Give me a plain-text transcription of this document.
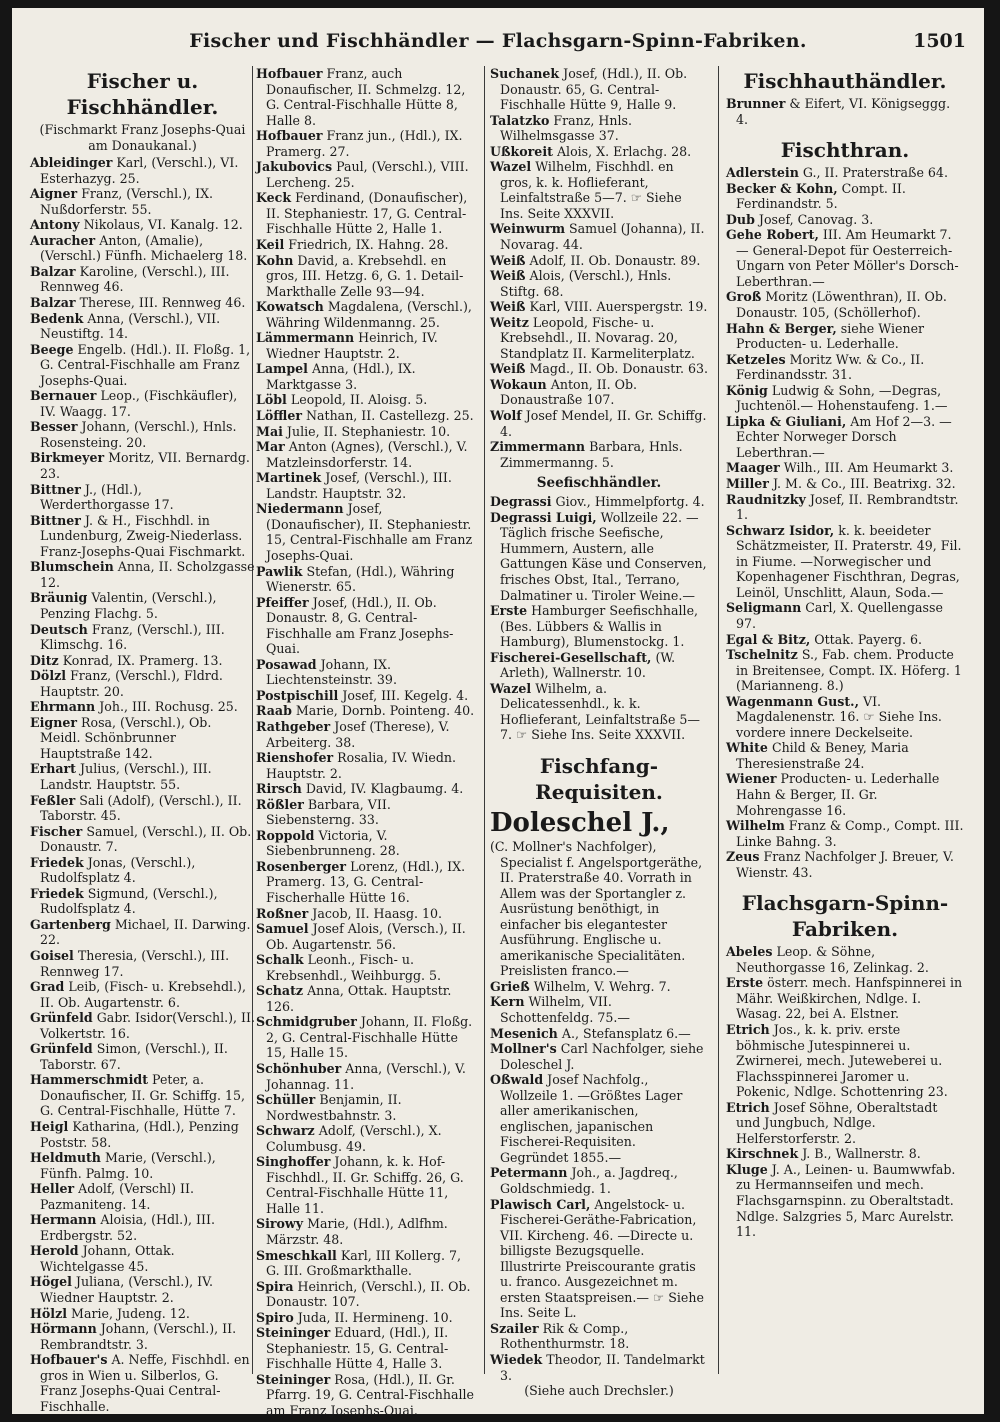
Fischer und Fischhändler — Flachsgarn-Spinn-Fabriken.	1501
Fischer u. Fischhändler.
(Fischmarkt Franz Josephs-Quai am Donaukanal.)
Ableidinger Karl, (Verschl.), VI. Esterhazyg. 25.
Aigner Franz, (Verschl.), IX. Nußdorferstr. 55.
Antony Nikolaus, VI. Kanalg. 12.
Auracher Anton, (Amalie), (Verschl.) Fünfh. Michaelerg 18.
Balzar Karoline, (Verschl.), III. Rennweg 46.
Balzar Therese, III. Rennweg 46.
Bedenk Anna, (Verschl.), VII. Neustiftg. 14.
Beege Engelb. (Hdl.). II. Floßg. 1, G. Central-Fischhalle am Franz Josephs-Quai.
Bernauer Leop., (Fischkäufler), IV. Waagg. 17.
Besser Johann, (Verschl.), Hnls. Rosensteing. 20.
Birkmeyer Moritz, VII. Bernardg. 23.
Bittner J., (Hdl.), Werderthorgasse 17.
Bittner J. & H., Fischhdl. in Lundenburg, Zweig-Niederlass. Franz-Josephs-Quai Fischmarkt.
Blumschein Anna, II. Scholzgasse 12.
Bräunig Valentin, (Verschl.), Penzing Flachg. 5.
Deutsch Franz, (Verschl.), III. Klimschg. 16.
Ditz Konrad, IX. Pramerg. 13.
Dölzl Franz, (Verschl.), Fldrd. Hauptstr. 20.
Ehrmann Joh., III. Rochusg. 25.
Eigner Rosa, (Verschl.), Ob. Meidl. Schönbrunner Hauptstraße 142.
Erhart Julius, (Verschl.), III. Landstr. Hauptstr. 55.
Feßler Sali (Adolf), (Verschl.), II. Taborstr. 45.
Fischer Samuel, (Verschl.), II. Ob. Donaustr. 7.
Friedek Jonas, (Verschl.), Rudolfsplatz 4.
Friedek Sigmund, (Verschl.), Rudolfsplatz 4.
Gartenberg Michael, II. Darwing. 22.
Goisel Theresia, (Verschl.), III. Rennweg 17.
Grad Leib, (Fisch- u. Krebsehdl.), II. Ob. Augartenstr. 6.
Grünfeld Gabr. Isidor(Verschl.), II. Volkertstr. 16.
Grünfeld Simon, (Verschl.), II. Taborstr. 67.
Hammerschmidt Peter, a. Donaufischer, II. Gr. Schiffg. 15, G. Central-Fischhalle, Hütte 7.
Heigl Katharina, (Hdl.), Penzing Poststr. 58.
Heldmuth Marie, (Verschl.), Fünfh. Palmg. 10.
Heller Adolf, (Verschl) II. Pazmaniteng. 14.
Hermann Aloisia, (Hdl.), III. Erdbergstr. 52.
Herold Johann, Ottak. Wichtelgasse 45.
Högel Juliana, (Verschl.), IV. Wiedner Hauptstr. 2.
Hölzl Marie, Judeng. 12.
Hörmann Johann, (Verschl.), II. Rembrandtstr. 3.
Hofbauer's A. Neffe, Fischhdl. en gros in Wien u. Silberlos, G. Franz Josephs-Quai Central-Fischhalle.
Hofbauer Franz, auch Donaufischer, II. Schmelzg. 12, G. Central-Fischhalle Hütte 8, Halle 8.
Hofbauer Franz jun., (Hdl.), IX. Pramerg. 27.
Jakubovics Paul, (Verschl.), VIII. Lercheng. 25.
Keck Ferdinand, (Donaufischer), II. Stephaniestr. 17, G. Central-Fischhalle Hütte 2, Halle 1.
Keil Friedrich, IX. Hahng. 28.
Kohn David, a. Krebsehdl. en gros, III. Hetzg. 6, G. 1. Detail-Markthalle Zelle 93—94.
Kowatsch Magdalena, (Verschl.), Währing Wildenmanng. 25.
Lämmermann Heinrich, IV. Wiedner Hauptstr. 2.
Lampel Anna, (Hdl.), IX. Marktgasse 3.
Löbl Leopold, II. Aloisg. 5.
Löffler Nathan, II. Castellezg. 25.
Mai Julie, II. Stephaniestr. 10.
Mar Anton (Agnes), (Verschl.), V. Matzleinsdorferstr. 14.
Martinek Josef, (Verschl.), III. Landstr. Hauptstr. 32.
Niedermann Josef, (Donaufischer), II. Stephaniestr. 15, Central-Fischhalle am Franz Josephs-Quai.
Pawlik Stefan, (Hdl.), Währing Wienerstr. 65.
Pfeiffer Josef, (Hdl.), II. Ob. Donaustr. 8, G. Central-Fischhalle am Franz Josephs-Quai.
Posawad Johann, IX. Liechtensteinstr. 39.
Postpischill Josef, III. Kegelg. 4.
Raab Marie, Dornb. Pointeng. 40.
Rathgeber Josef (Therese), V. Arbeiterg. 38.
Rienshofer Rosalia, IV. Wiedn. Hauptstr. 2.
Rirsch David, IV. Klagbaumg. 4.
Rößler Barbara, VII. Siebensterng. 33.
Roppold Victoria, V. Siebenbrunneng. 28.
Rosenberger Lorenz, (Hdl.), IX. Pramerg. 13, G. Central-Fischerhalle Hütte 16.
Roßner Jacob, II. Haasg. 10.
Samuel Josef Alois, (Versch.), II. Ob. Augartenstr. 56.
Schalk Leonh., Fisch- u. Krebsenhdl., Weihburgg. 5.
Schatz Anna, Ottak. Hauptstr. 126.
Schmidgruber Johann, II. Floßg. 2, G. Central-Fischhalle Hütte 15, Halle 15.
Schönhuber Anna, (Verschl.), V. Johannag. 11.
Schüller Benjamin, II. Nordwestbahnstr. 3.
Schwarz Adolf, (Verschl.), X. Columbusg. 49.
Singhoffer Johann, k. k. Hof-Fischhdl., II. Gr. Schiffg. 26, G. Central-Fischhalle Hütte 11, Halle 11.
Sirowy Marie, (Hdl.), Adlfhm. Märzstr. 48.
Smeschkall Karl, III Kollerg. 7, G. III. Großmarkthalle.
Spira Heinrich, (Verschl.), II. Ob. Donaustr. 107.
Spiro Juda, II. Hermineng. 10.
Steininger Eduard, (Hdl.), II. Stephaniestr. 15, G. Central-Fischhalle Hütte 4, Halle 3.
Steininger Rosa, (Hdl.), II. Gr. Pfarrg. 19, G. Central-Fischhalle am Franz Josephs-Quai.
Suchanek Josef, (Hdl.), II. Ob. Donaustr. 65, G. Central-Fischhalle Hütte 9, Halle 9.
Talatzko Franz, Hnls. Wilhelmsgasse 37.
Ußkoreit Alois, X. Erlachg. 28.
Wazel Wilhelm, Fischhdl. en gros, k. k. Hoflieferant, Leinfaltstraße 5—7. ☞ Siehe Ins. Seite XXXVII.
Weinwurm Samuel (Johanna), II. Novarag. 44.
Weiß Adolf, II. Ob. Donaustr. 89.
Weiß Alois, (Verschl.), Hnls. Stiftg. 68.
Weiß Karl, VIII. Auerspergstr. 19.
Weitz Leopold, Fische- u. Krebsehdl., II. Novarag. 20, Standplatz II. Karmeliterplatz.
Weiß Magd., II. Ob. Donaustr. 63.
Wokaun Anton, II. Ob. Donaustraße 107.
Wolf Josef Mendel, II. Gr. Schiffg. 4.
Zimmermann Barbara, Hnls. Zimmermanng. 5.
Seefischhändler.
Degrassi Giov., Himmelpfortg. 4.
Degrassi Luigi, Wollzeile 22. —Täglich frische Seefische, Hummern, Austern, alle Gattungen Käse und Conserven, frisches Obst, Ital., Terrano, Dalmatiner u. Tiroler Weine.—
Erste Hamburger Seefischhalle, (Bes. Lübbers & Wallis in Hamburg), Blumenstockg. 1.
Fischerei-Gesellschaft, (W. Arleth), Wallnerstr. 10.
Wazel Wilhelm, a. Delicatessenhdl., k. k. Hoflieferant, Leinfaltstraße 5—7. ☞ Siehe Ins. Seite XXXVII.
Fischfang-Requisiten.
Doleschel J.,
(C. Mollner's Nachfolger), Specialist f. Angelsportgeräthe, II. Praterstraße 40. Vorrath in Allem was der Sportangler z. Ausrüstung benöthigt, in einfacher bis elegantester Ausführung. Englische u. amerikanische Specialitäten. Preislisten franco.—
Grieß Wilhelm, V. Wehrg. 7.
Kern Wilhelm, VII. Schottenfeldg. 75.—
Mesenich A., Stefansplatz 6.—
Mollner's Carl Nachfolger, siehe Doleschel J.
Oßwald Josef Nachfolg., Wollzeile 1. —Größtes Lager aller amerikanischen, englischen, japanischen Fischerei-Requisiten. Gegründet 1855.—
Petermann Joh., a. Jagdreq., Goldschmiedg. 1.
Plawisch Carl, Angelstock- u. Fischerei-Geräthe-Fabrication, VII. Kircheng. 46. —Directe u. billigste Bezugsquelle. Illustrirte Preiscourante gratis u. franco. Ausgezeichnet m. ersten Staatspreisen.— ☞ Siehe Ins. Seite L.
Szailer Rik & Comp., Rothenthurmstr. 18.
Wiedek Theodor, II. Tandelmarkt 3.
(Siehe auch Drechsler.)
Fischhauthändler.
Brunner & Eifert, VI. Königseggg. 4.
Fischthran.
Adlerstein G., II. Praterstraße 64.
Becker & Kohn, Compt. II. Ferdinandstr. 5.
Dub Josef, Canovag. 3.
Gehe Robert, III. Am Heumarkt 7. — General-Depot für Oesterreich-Ungarn von Peter Möller's Dorsch-Leberthran.—
Groß Moritz (Löwenthran), II. Ob. Donaustr. 105, (Schöllerhof).
Hahn & Berger, siehe Wiener Producten- u. Lederhalle.
Ketzeles Moritz Ww. & Co., II. Ferdinandsstr. 31.
König Ludwig & Sohn, —Degras, Juchtenöl.— Hohenstaufeng. 1.—
Lipka & Giuliani, Am Hof 2—3. —Echter Norweger Dorsch Leberthran.—
Maager Wilh., III. Am Heumarkt 3.
Miller J. M. & Co., III. Beatrixg. 32.
Raudnitzky Josef, II. Rembrandtstr. 1.
Schwarz Isidor, k. k. beeideter Schätzmeister, II. Praterstr. 49, Fil. in Fiume. —Norwegischer und Kopenhagener Fischthran, Degras, Leinöl, Unschlitt, Alaun, Soda.—
Seligmann Carl, X. Quellengasse 97.
Egal & Bitz, Ottak. Payerg. 6.
Tschelnitz S., Fab. chem. Producte in Breitensee, Compt. IX. Höferg. 1 (Marianneng. 8.)
Wagenmann Gust., VI. Magdalenenstr. 16. ☞ Siehe Ins. vordere innere Deckelseite.
White Child & Beney, Maria Theresienstraße 24.
Wiener Producten- u. Lederhalle Hahn & Berger, II. Gr. Mohrengasse 16.
Wilhelm Franz & Comp., Compt. III. Linke Bahng. 3.
Zeus Franz Nachfolger J. Breuer, V. Wienstr. 43.
Flachsgarn-Spinn-Fabriken.
Abeles Leop. & Söhne, Neuthorgasse 16, Zelinkag. 2.
Erste österr. mech. Hanfspinnerei in Mähr. Weißkirchen, Ndlge. I. Wasag. 22, bei A. Elstner.
Etrich Jos., k. k. priv. erste böhmische Jutespinnerei u. Zwirnerei, mech. Juteweberei u. Flachsspinnerei Jaromer u. Pokenic, Ndlge. Schottenring 23.
Etrich Josef Söhne, Oberaltstadt und Jungbuch, Ndlge. Helferstorferstr. 2.
Kirschnek J. B., Wallnerstr. 8.
Kluge J. A., Leinen- u. Baumwwfab. zu Hermannseifen und mech. Flachsgarnspinn. zu Oberaltstadt. Ndlge. Salzgries 5, Marc Aurelstr. 11.
